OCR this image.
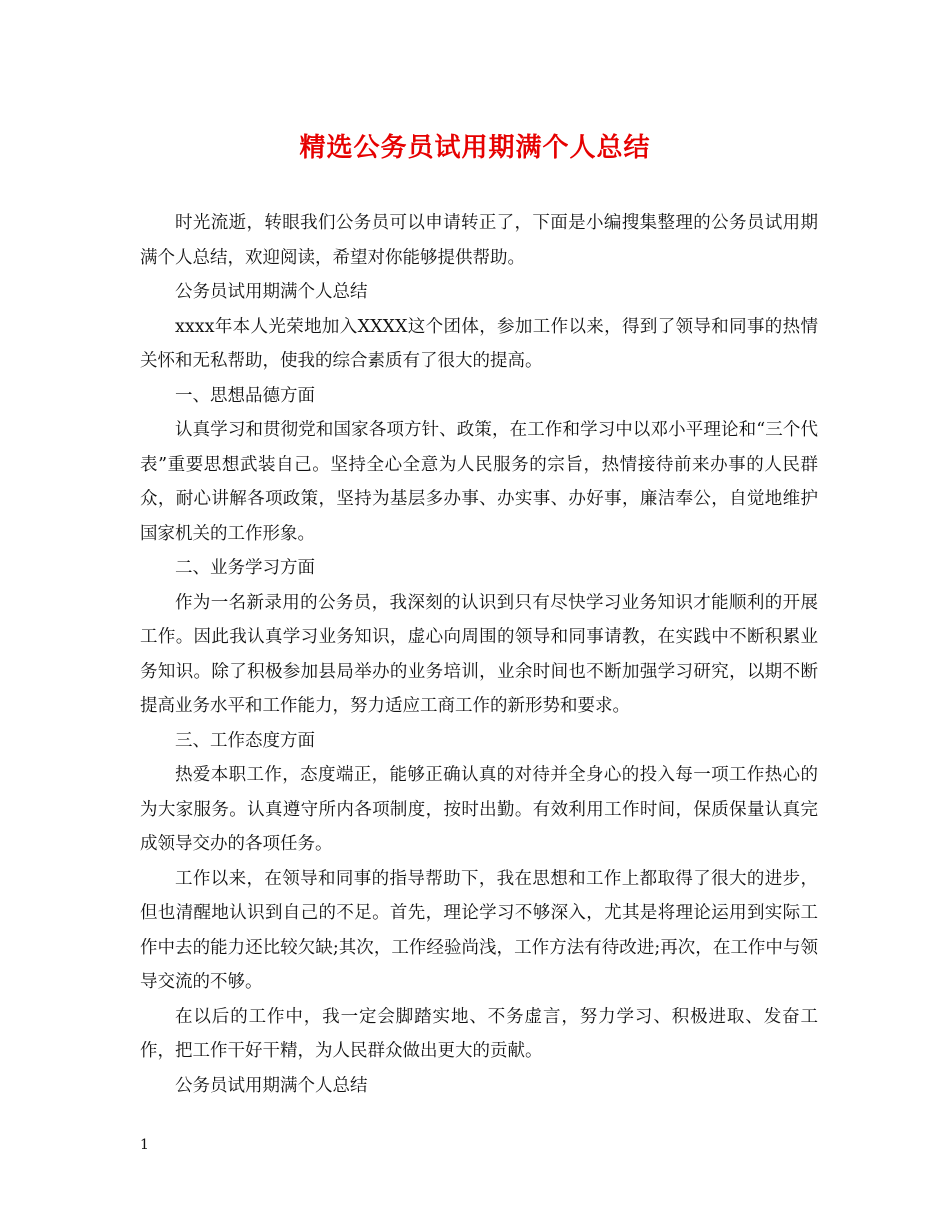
精选公务员试用期满个人总结

时光流逝，转眼我们公务员可以申请转正了，下面是小编搜集整理的公务员试用期满个人总结，欢迎阅读，希望对你能够提供帮助。

公务员试用期满个人总结

xxxx年本人光荣地加入XXXX这个团体，参加工作以来，得到了领导和同事的热情关怀和无私帮助，使我的综合素质有了很大的提高。

一、思想品德方面

认真学习和贯彻党和国家各项方针、政策，在工作和学习中以邓小平理论和“三个代表”重要思想武装自己。坚持全心全意为人民服务的宗旨，热情接待前来办事的人民群众，耐心讲解各项政策，坚持为基层多办事、办实事、办好事，廉洁奉公，自觉地维护国家机关的工作形象。

二、业务学习方面

作为一名新录用的公务员，我深刻的认识到只有尽快学习业务知识才能顺利的开展工作。因此我认真学习业务知识，虚心向周围的领导和同事请教，在实践中不断积累业务知识。除了积极参加县局举办的业务培训，业余时间也不断加强学习研究，以期不断提高业务水平和工作能力，努力适应工商工作的新形势和要求。

三、工作态度方面

热爱本职工作，态度端正，能够正确认真的对待并全身心的投入每一项工作热心的为大家服务。认真遵守所内各项制度，按时出勤。有效利用工作时间，保质保量认真完成领导交办的各项任务。

工作以来，在领导和同事的指导帮助下，我在思想和工作上都取得了很大的进步，但也清醒地认识到自己的不足。首先，理论学习不够深入，尤其是将理论运用到实际工作中去的能力还比较欠缺;其次，工作经验尚浅，工作方法有待改进;再次，在工作中与领导交流的不够。

在以后的工作中，我一定会脚踏实地、不务虚言，努力学习、积极进取、发奋工作，把工作干好干精，为人民群众做出更大的贡献。

公务员试用期满个人总结

1
